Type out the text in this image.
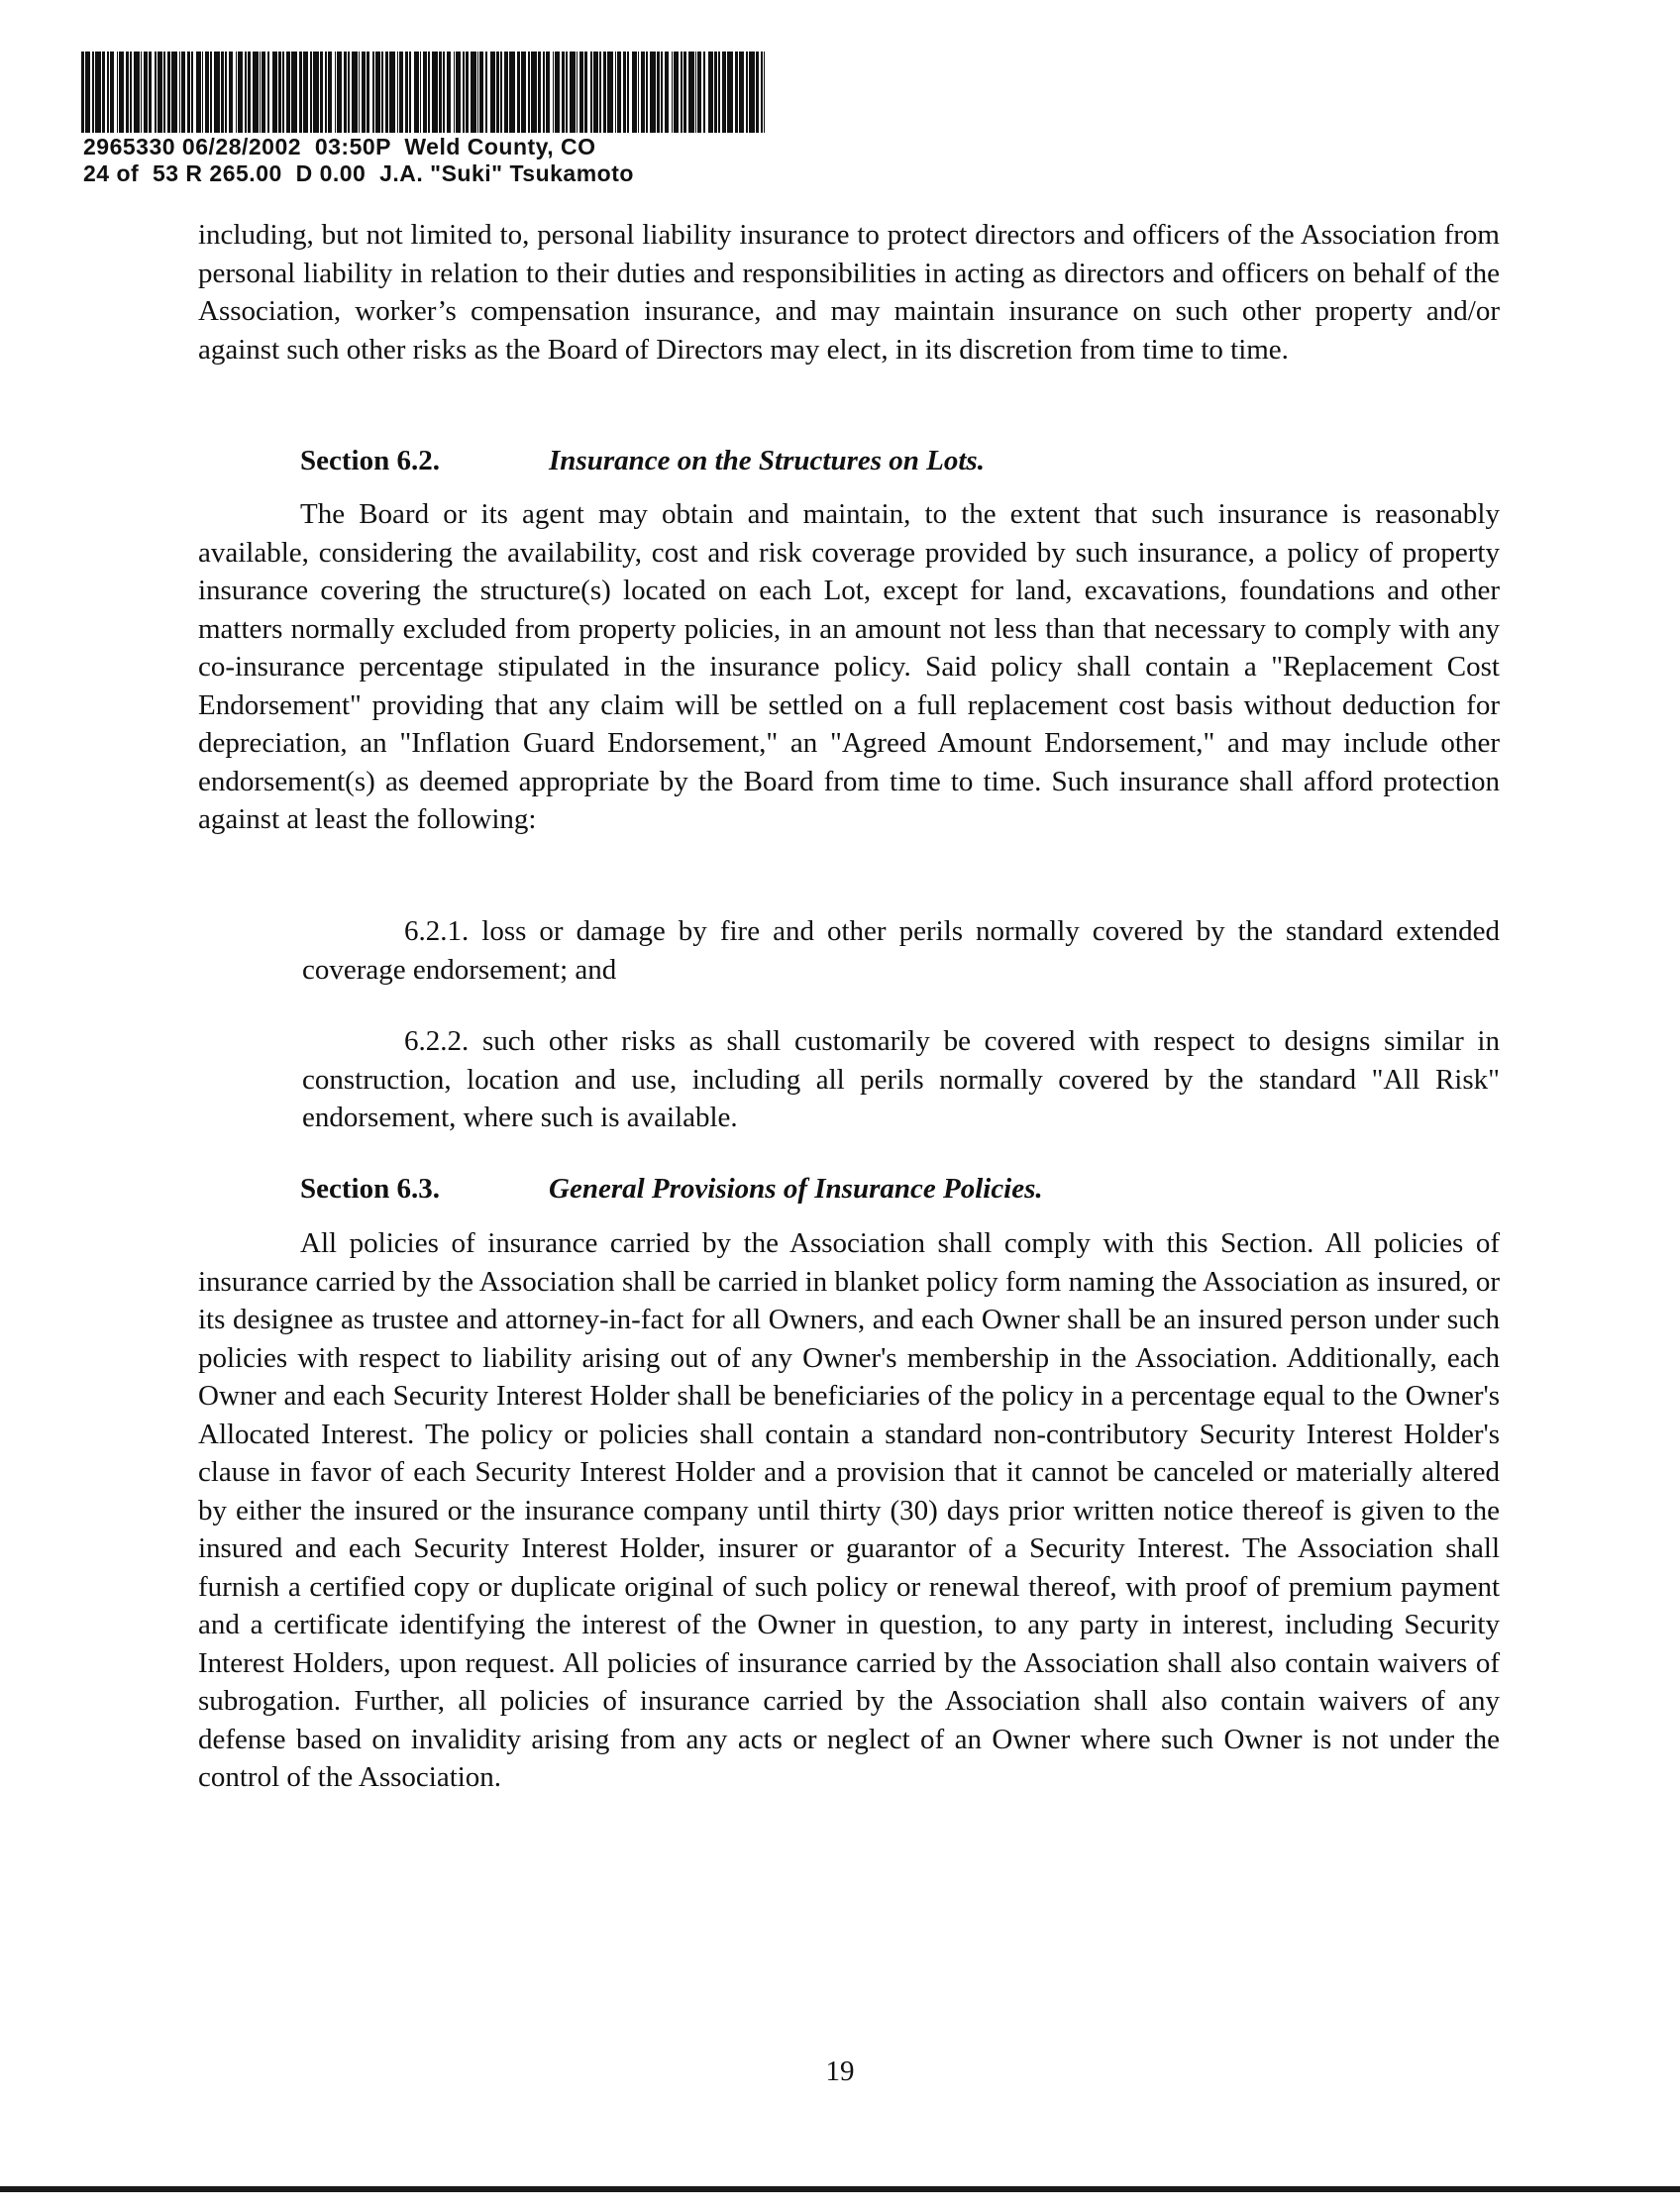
2965330 06/28/2002  03:50P  Weld County, CO
24 of  53 R 265.00  D 0.00  J.A. "Suki" Tsukamoto

including, but not limited to, personal liability insurance to protect directors and officers of the Association from personal liability in relation to their duties and responsibilities in acting as directors and officers on behalf of the Association, worker’s compensation insurance, and may maintain insurance on such other property and/or against such other risks as the Board of Directors may elect, in its discretion from time to time.

Section 6.2.	Insurance on the Structures on Lots.

The Board or its agent may obtain and maintain, to the extent that such insurance is reasonably available, considering the availability, cost and risk coverage provided by such insurance, a policy of property insurance covering the structure(s) located on each Lot, except for land, excavations, foundations and other matters normally excluded from property policies, in an amount not less than that necessary to comply with any co-insurance percentage stipulated in the insurance policy. Said policy shall contain a "Replacement Cost Endorsement" providing that any claim will be settled on a full replacement cost basis without deduction for depreciation, an "Inflation Guard Endorsement," an "Agreed Amount Endorsement," and may include other endorsement(s) as deemed appropriate by the Board from time to time. Such insurance shall afford protection against at least the following:

6.2.1. loss or damage by fire and other perils normally covered by the standard extended coverage endorsement; and

6.2.2. such other risks as shall customarily be covered with respect to designs similar in construction, location and use, including all perils normally covered by the standard "All Risk" endorsement, where such is available.

Section 6.3.	General Provisions of Insurance Policies.

All policies of insurance carried by the Association shall comply with this Section. All policies of insurance carried by the Association shall be carried in blanket policy form naming the Association as insured, or its designee as trustee and attorney-in-fact for all Owners, and each Owner shall be an insured person under such policies with respect to liability arising out of any Owner's membership in the Association. Additionally, each Owner and each Security Interest Holder shall be beneficiaries of the policy in a percentage equal to the Owner's Allocated Interest. The policy or policies shall contain a standard non-contributory Security Interest Holder's clause in favor of each Security Interest Holder and a provision that it cannot be canceled or materially altered by either the insured or the insurance company until thirty (30) days prior written notice thereof is given to the insured and each Security Interest Holder, insurer or guarantor of a Security Interest. The Association shall furnish a certified copy or duplicate original of such policy or renewal thereof, with proof of premium payment and a certificate identifying the interest of the Owner in question, to any party in interest, including Security Interest Holders, upon request. All policies of insurance carried by the Association shall also contain waivers of subrogation. Further, all policies of insurance carried by the Association shall also contain waivers of any defense based on invalidity arising from any acts or neglect of an Owner where such Owner is not under the control of the Association.

19
